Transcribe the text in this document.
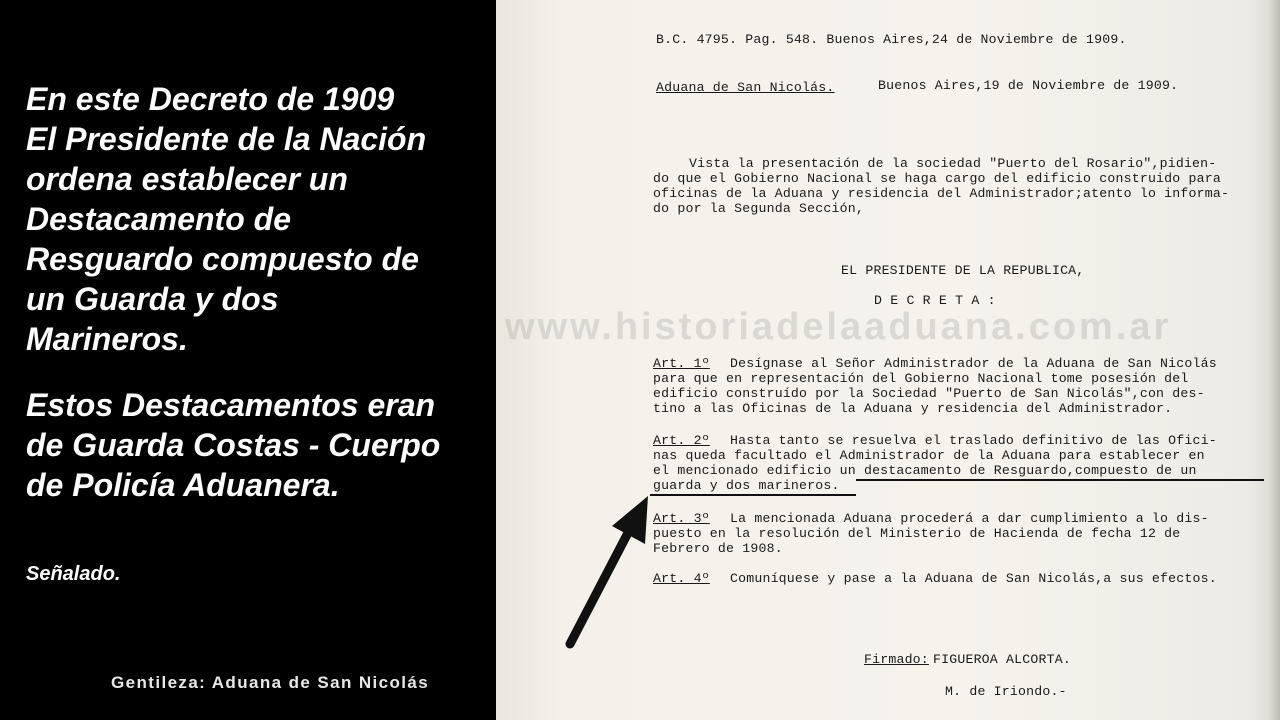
En este Decreto de 1909
El Presidente de la Nación
ordena establecer un
Destacamento de
Resguardo compuesto de
un Guarda y dos
Marineros.
Estos Destacamentos eran
de Guarda Costas - Cuerpo
de Policía Aduanera.
Señalado.
Gentileza: Aduana de San Nicolás
B.C. 4795. Pag. 548. Buenos Aires,24 de Noviembre de 1909.
Aduana de San Nicolás.	Buenos Aires,19 de Noviembre de 1909.
Vista la presentación de la sociedad "Puerto del Rosario",pidien-
do que el Gobierno Nacional se haga cargo del edificio construido para
oficinas de la Aduana y residencia del Administrador;atento lo informa-
do por la Segunda Sección,
EL PRESIDENTE DE LA REPUBLICA,
D E C R E T A :
Art. 1º Desígnase al Señor Administrador de la Aduana de San Nicolás
para que en representación del Gobierno Nacional tome posesión del
edificio construído por la Sociedad "Puerto de San Nicolás",con des-
tino a las Oficinas de la Aduana y residencia del Administrador.
Art. 2º Hasta tanto se resuelva el traslado definitivo de las Ofici-
nas queda facultado el Administrador de la Aduana para establecer en
el mencionado edificio un destacamento de Resguardo,compuesto de un
guarda y dos marineros.
Art. 3º La mencionada Aduana procederá a dar cumplimiento a lo dis-
puesto en la resolución del Ministerio de Hacienda de fecha 12 de
Febrero de 1908.
Art. 4º Comuníquese y pase a la Aduana de San Nicolás,a sus efectos.
Firmado: FIGUEROA ALCORTA.
M. de Iriondo.-
www.historiadelaaduana.com.ar
